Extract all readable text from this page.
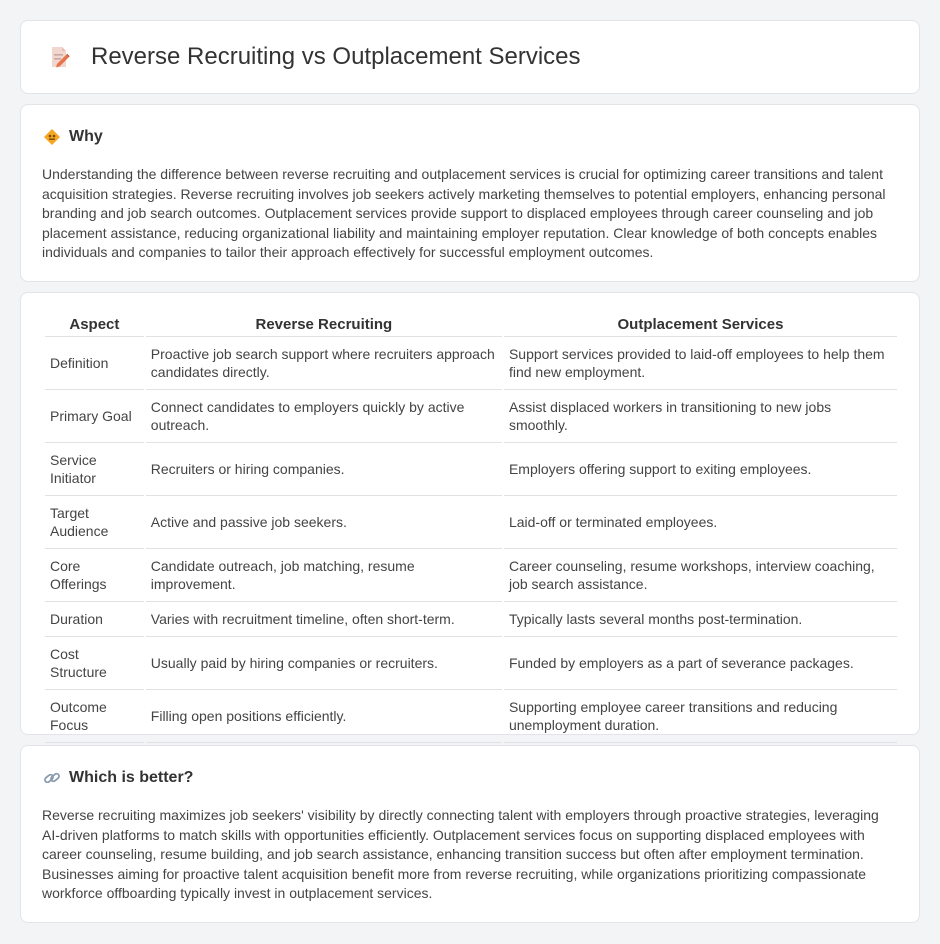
Reverse Recruiting vs Outplacement Services
Why

Understanding the difference between reverse recruiting and outplacement services is crucial for optimizing career transitions and talent acquisition strategies. Reverse recruiting involves job seekers actively marketing themselves to potential employers, enhancing personal branding and job search outcomes. Outplacement services provide support to displaced employees through career counseling and job placement assistance, reducing organizational liability and maintaining employer reputation. Clear knowledge of both concepts enables individuals and companies to tailor their approach effectively for successful employment outcomes.

Aspect	Reverse Recruiting	Outplacement Services
Definition	Proactive job search support where recruiters approach candidates directly.	Support services provided to laid-off employees to help them find new employment.
Primary Goal	Connect candidates to employers quickly by active outreach.	Assist displaced workers in transitioning to new jobs smoothly.
Service Initiator	Recruiters or hiring companies.	Employers offering support to exiting employees.
Target Audience	Active and passive job seekers.	Laid-off or terminated employees.
Core Offerings	Candidate outreach, job matching, resume improvement.	Career counseling, resume workshops, interview coaching, job search assistance.
Duration	Varies with recruitment timeline, often short-term.	Typically lasts several months post-termination.
Cost Structure	Usually paid by hiring companies or recruiters.	Funded by employers as a part of severance packages.
Outcome Focus	Filling open positions efficiently.	Supporting employee career transitions and reducing unemployment duration.
Which is better?

Reverse recruiting maximizes job seekers' visibility by directly connecting talent with employers through proactive strategies, leveraging AI-driven platforms to match skills with opportunities efficiently. Outplacement services focus on supporting displaced employees with career counseling, resume building, and job search assistance, enhancing transition success but often after employment termination. Businesses aiming for proactive talent acquisition benefit more from reverse recruiting, while organizations prioritizing compassionate workforce offboarding typically invest in outplacement services.
